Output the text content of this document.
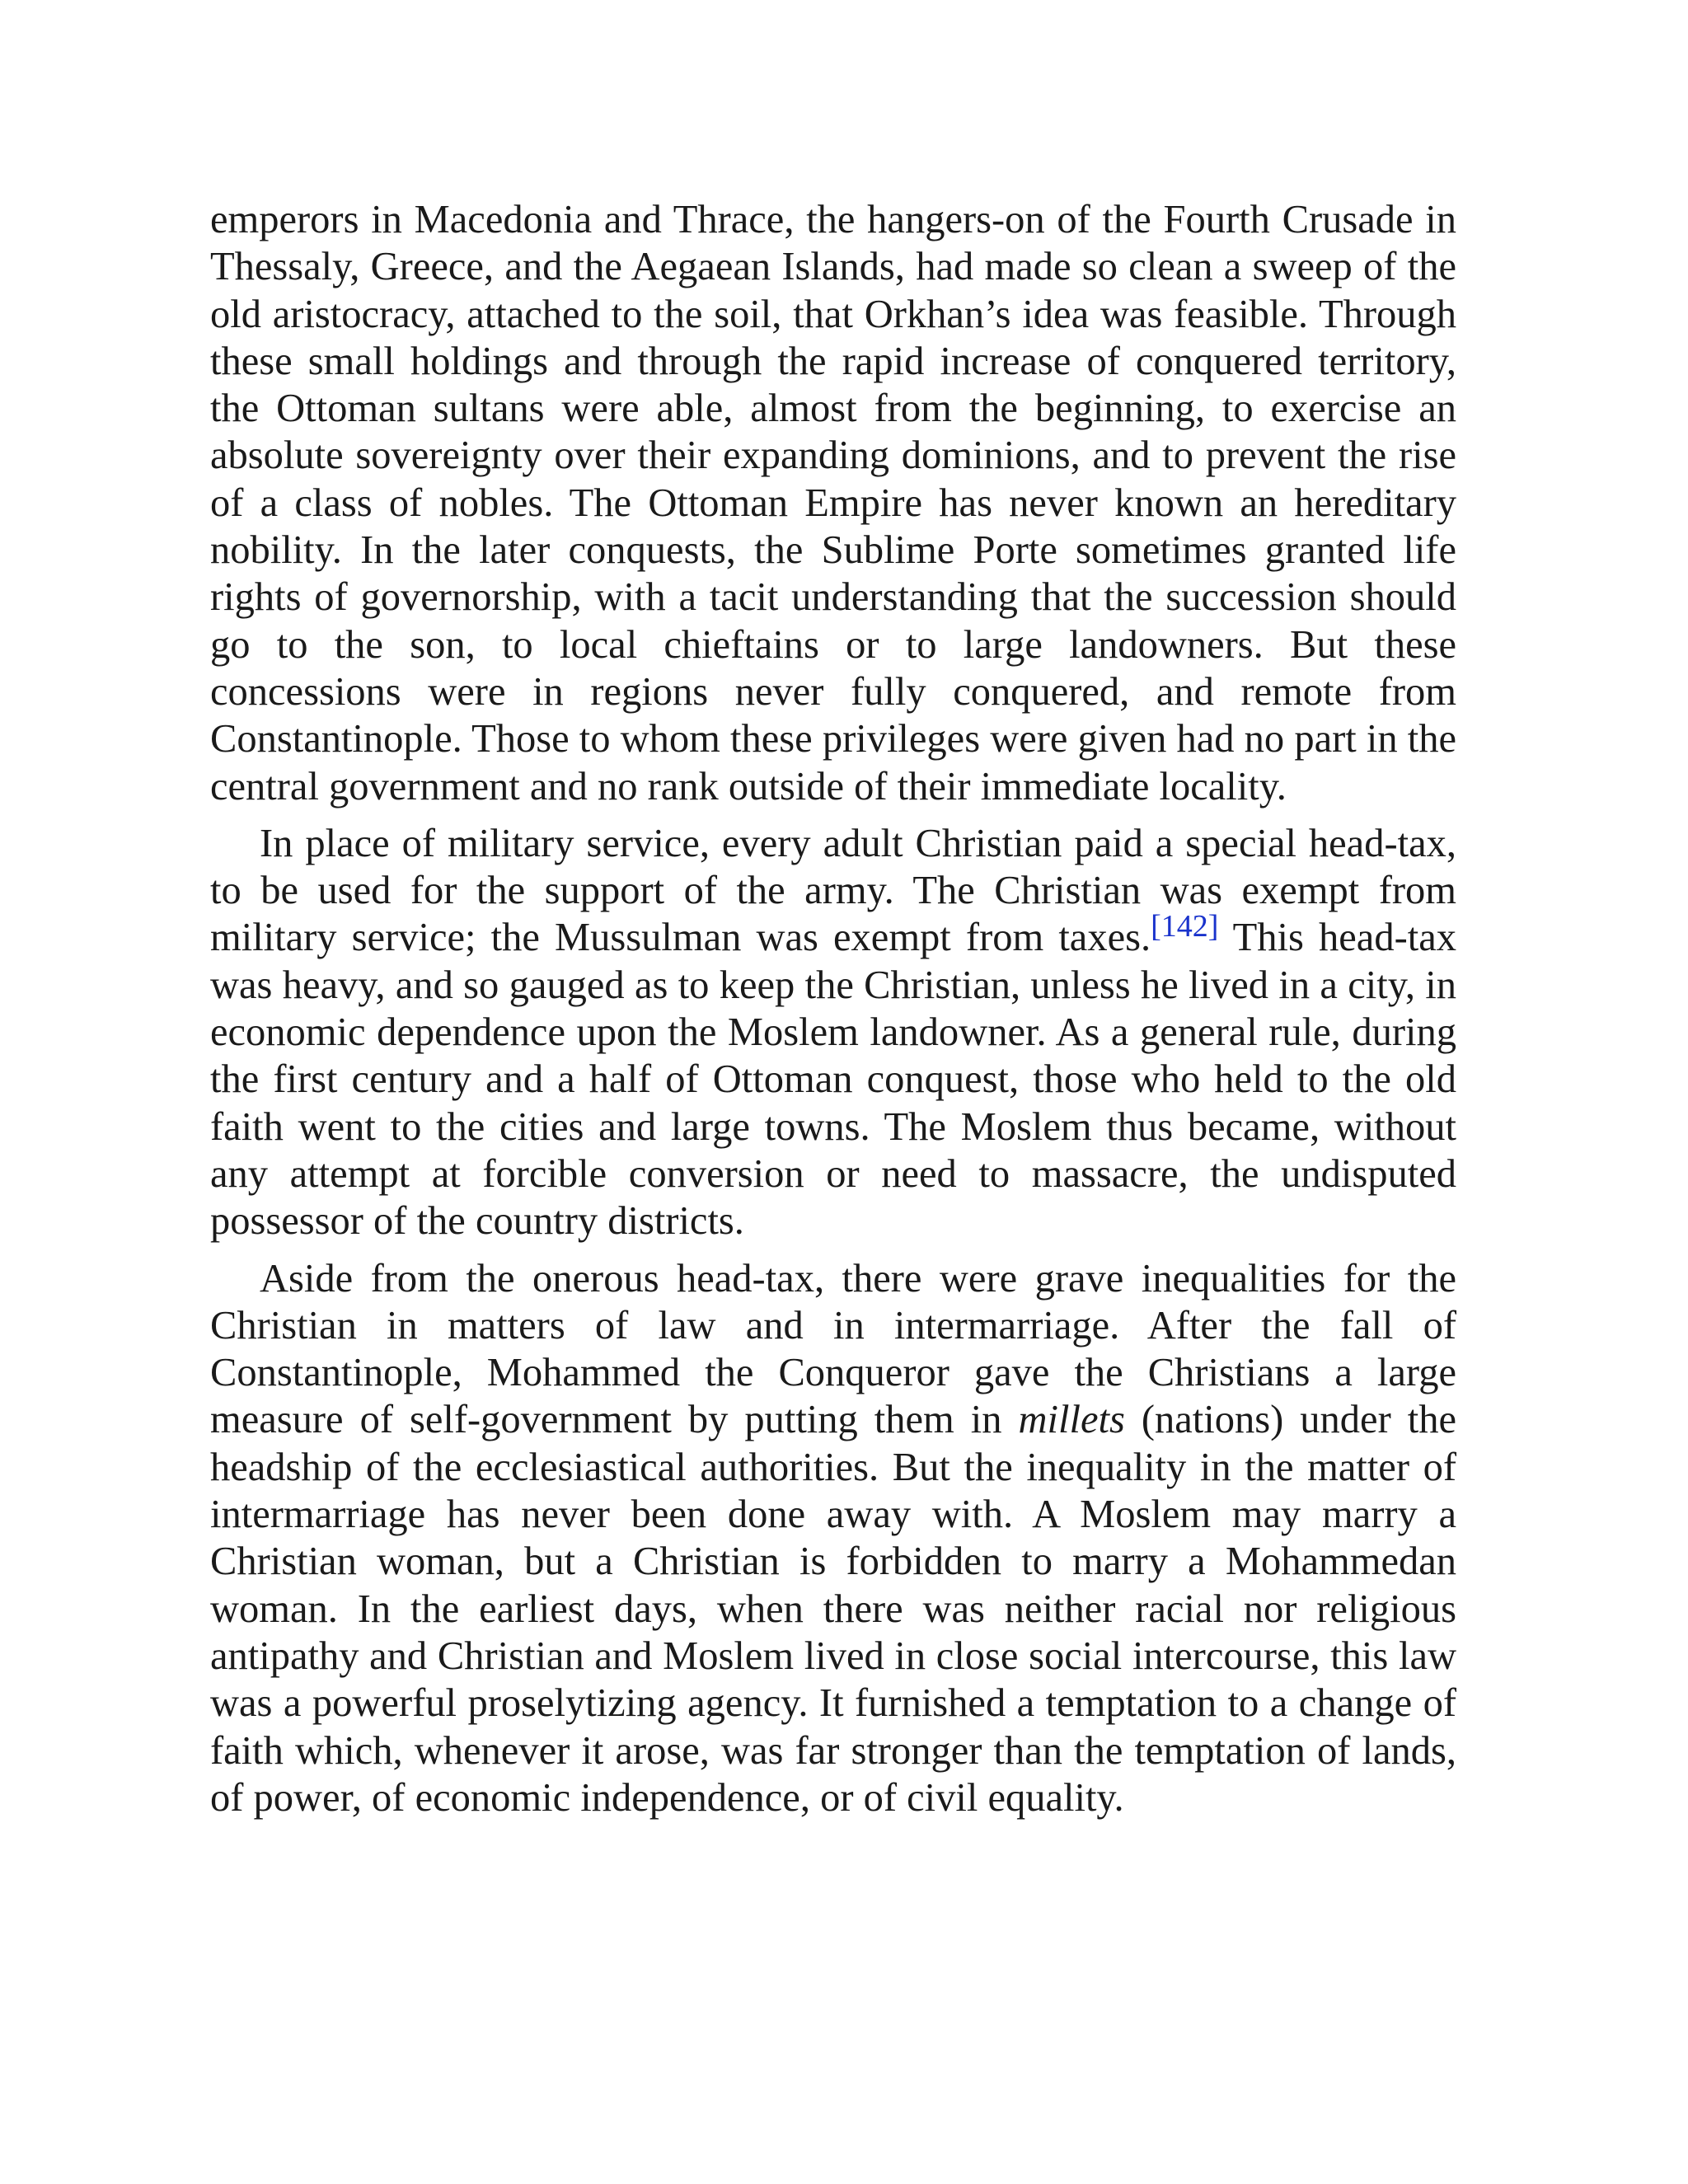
emperors in Macedonia and Thrace, the hangers-on of the Fourth Crusade in Thessaly, Greece, and the Aegaean Islands, had made so clean a sweep of the old aristocracy, attached to the soil, that Orkhan’s idea was feasible. Through these small holdings and through the rapid increase of conquered territory, the Ottoman sultans were able, almost from the beginning, to exercise an absolute sovereignty over their expanding dominions, and to prevent the rise of a class of nobles. The Ottoman Empire has never known an hereditary nobility. In the later conquests, the Sublime Porte sometimes granted life rights of governorship, with a tacit understanding that the succession should go to the son, to local chieftains or to large landowners. But these concessions were in regions never fully conquered, and remote from Constantinople. Those to whom these privileges were given had no part in the central government and no rank outside of their immediate locality.

In place of military service, every adult Christian paid a special head-tax, to be used for the support of the army. The Christian was exempt from military service; the Mussulman was exempt from taxes.[142] This head-tax was heavy, and so gauged as to keep the Christian, unless he lived in a city, in economic dependence upon the Moslem landowner. As a general rule, during the first century and a half of Ottoman conquest, those who held to the old faith went to the cities and large towns. The Moslem thus became, without any attempt at forcible conversion or need to massacre, the undisputed possessor of the country districts.

Aside from the onerous head-tax, there were grave inequalities for the Christian in matters of law and in intermarriage. After the fall of Constantinople, Mohammed the Conqueror gave the Christians a large measure of self-government by putting them in millets (nations) under the headship of the ecclesiastical authorities. But the inequality in the matter of intermarriage has never been done away with. A Moslem may marry a Christian woman, but a Christian is forbidden to marry a Mohammedan woman. In the earliest days, when there was neither racial nor religious antipathy and Christian and Moslem lived in close social intercourse, this law was a powerful proselytizing agency. It furnished a temptation to a change of faith which, whenever it arose, was far stronger than the temptation of lands, of power, of economic independence, or of civil equality.
